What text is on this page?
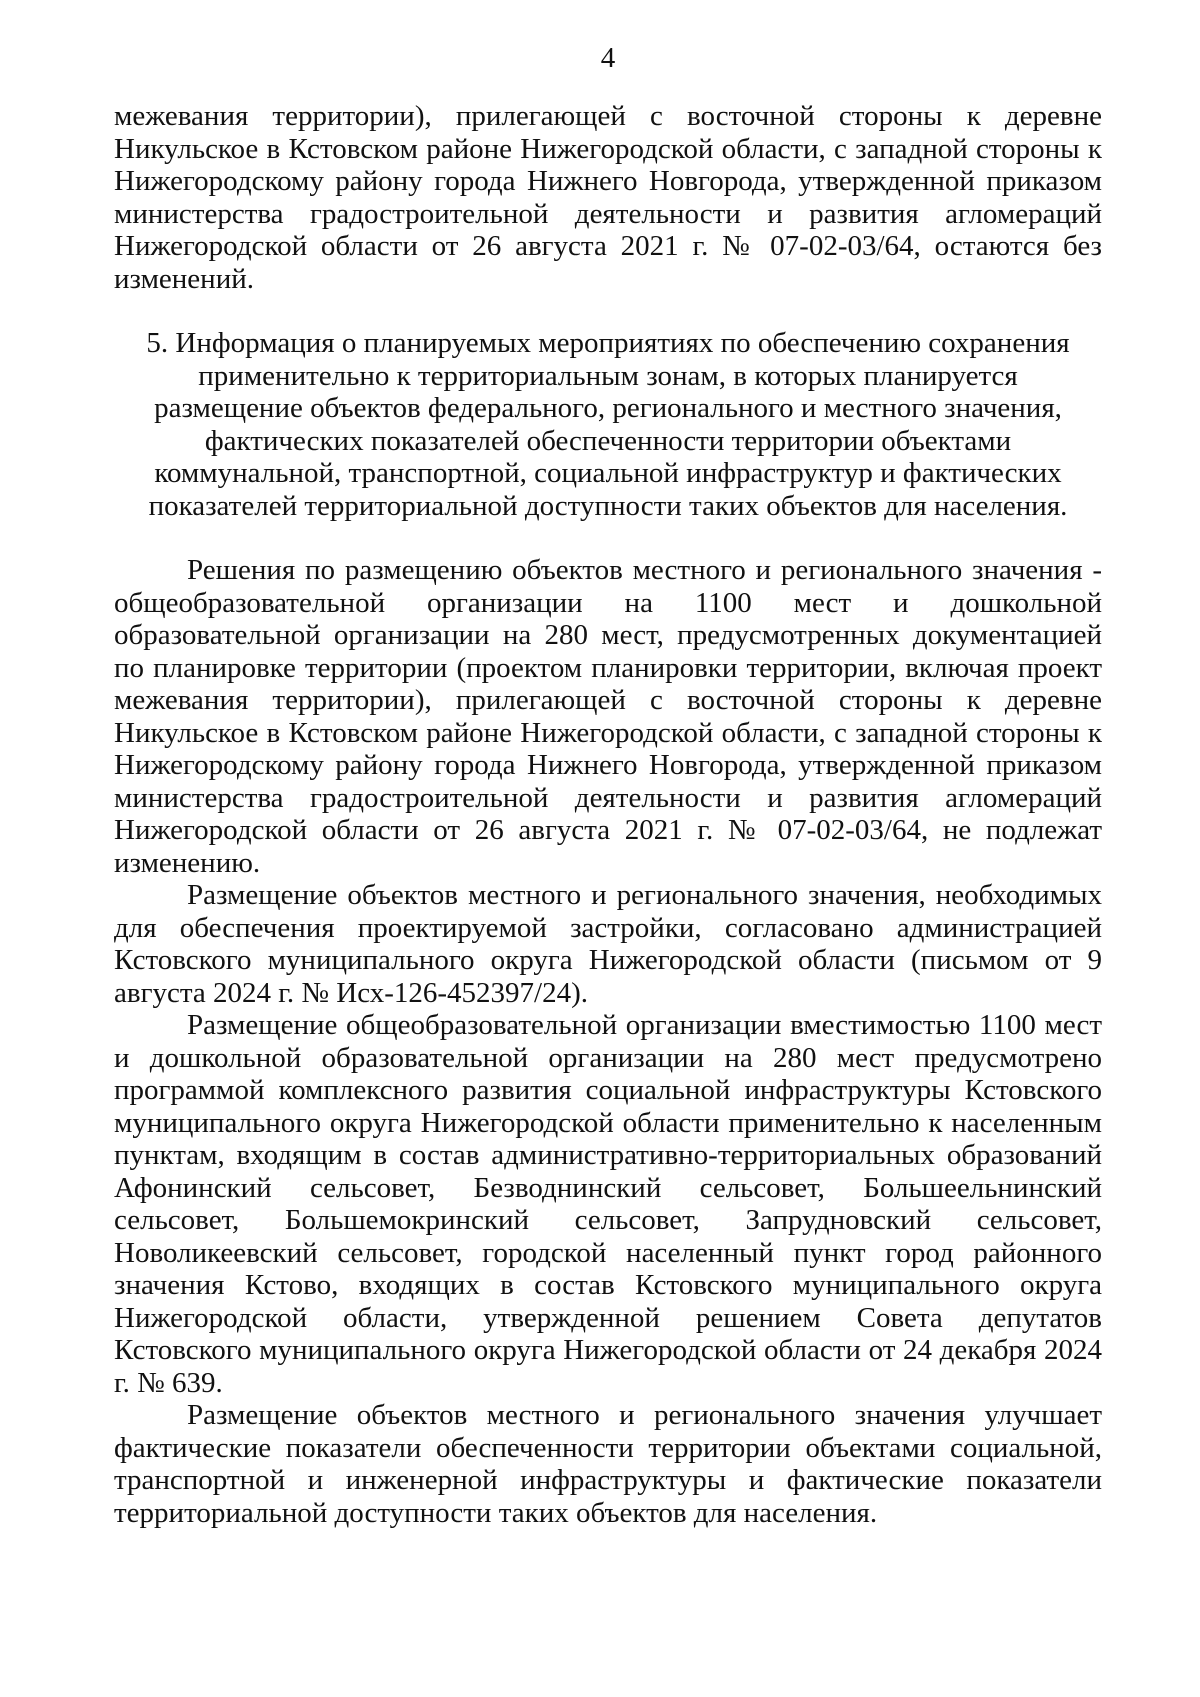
4

межевания территории), прилегающей с восточной стороны к деревне Никульское в Кстовском районе Нижегородской области, с западной стороны к Нижегородскому району города Нижнего Новгорода, утвержденной приказом министерства градостроительной деятельности и развития агломераций Нижегородской области от 26 августа 2021 г. № 07-02-03/64, остаются без изменений.

5. Информация о планируемых мероприятиях по обеспечению сохранения применительно к территориальным зонам, в которых планируется размещение объектов федерального, регионального и местного значения, фактических показателей обеспеченности территории объектами коммунальной, транспортной, социальной инфраструктур и фактических показателей территориальной доступности таких объектов для населения.

Решения по размещению объектов местного и регионального значения - общеобразовательной организации на 1100 мест и дошкольной образовательной организации на 280 мест, предусмотренных документацией по планировке территории (проектом планировки территории, включая проект межевания территории), прилегающей с восточной стороны к деревне Никульское в Кстовском районе Нижегородской области, с западной стороны к Нижегородскому району города Нижнего Новгорода, утвержденной приказом министерства градостроительной деятельности и развития агломераций Нижегородской области от 26 августа 2021 г. № 07-02-03/64, не подлежат изменению.

Размещение объектов местного и регионального значения, необходимых для обеспечения проектируемой застройки, согласовано администрацией Кстовского муниципального округа Нижегородской области (письмом от 9 августа 2024 г. № Исх-126-452397/24).

Размещение общеобразовательной организации вместимостью 1100 мест и дошкольной образовательной организации на 280 мест предусмотрено программой комплексного развития социальной инфраструктуры Кстовского муниципального округа Нижегородской области применительно к населенным пунктам, входящим в состав административно-территориальных образований Афонинский сельсовет, Безводнинский сельсовет, Большеельнинский сельсовет, Большемокринский сельсовет, Запрудновский сельсовет, Новоликеевский сельсовет, городской населенный пункт город районного значения Кстово, входящих в состав Кстовского муниципального округа Нижегородской области, утвержденной решением Совета депутатов Кстовского муниципального округа Нижегородской области от 24 декабря 2024 г. № 639.

Размещение объектов местного и регионального значения улучшает фактические показатели обеспеченности территории объектами социальной, транспортной и инженерной инфраструктуры и фактические показатели территориальной доступности таких объектов для населения.
